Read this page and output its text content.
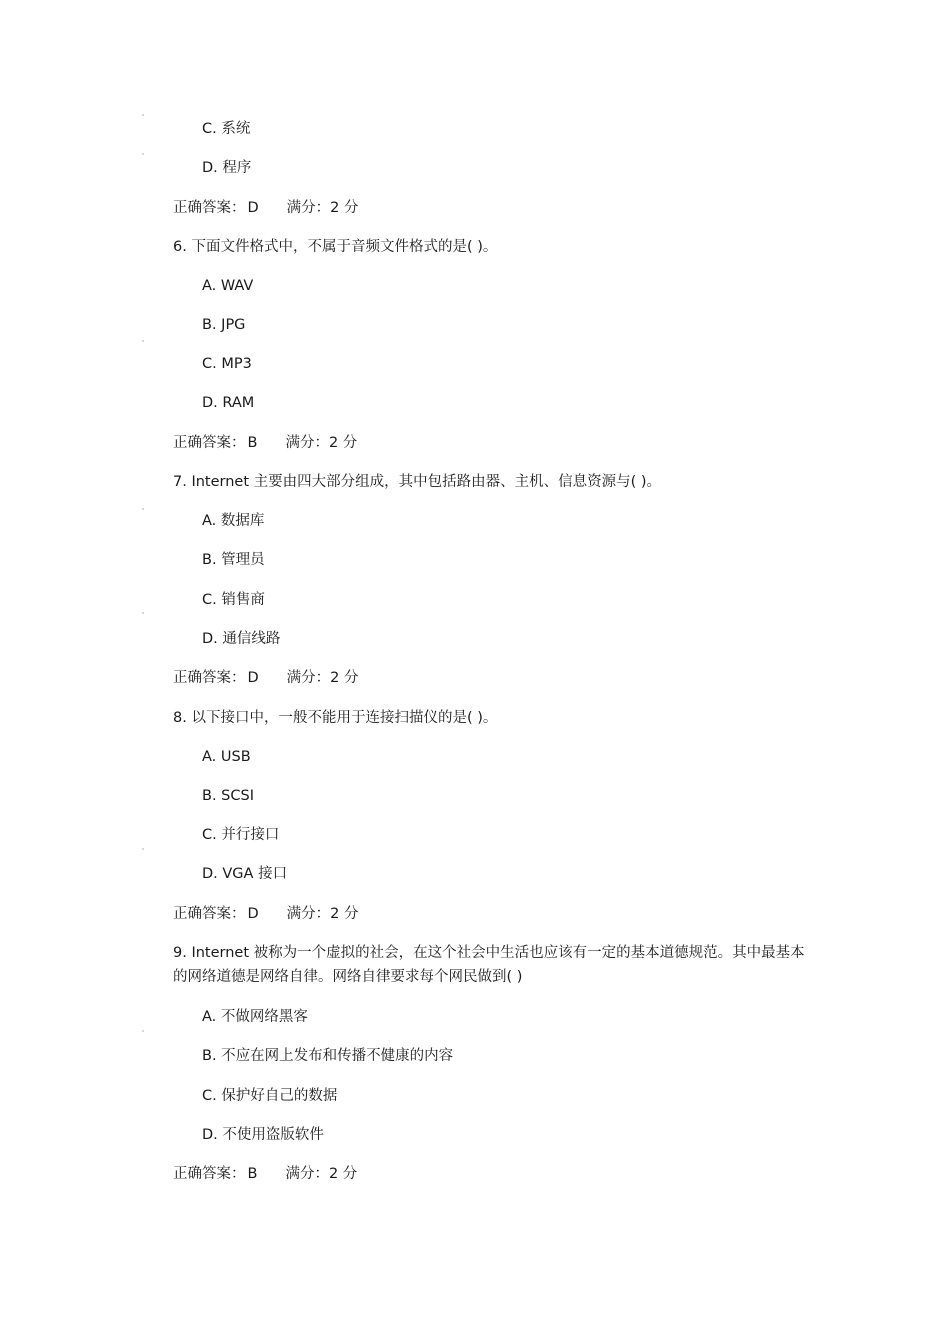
C. 系统
D. 程序
正确答案： D 满分：2 分
6. 下面文件格式中，不属于音频文件格式的是( )。
A. WAV
B. JPG
C. MP3
D. RAM
正确答案： B 满分：2 分
7. Internet 主要由四大部分组成，其中包括路由器、主机、信息资源与( )。
A. 数据库
B. 管理员
C. 销售商
D. 通信线路
正确答案： D 满分：2 分
8. 以下接口中，一般不能用于连接扫描仪的是( )。
A. USB
B. SCSI
C. 并行接口
D. VGA 接口
正确答案： D 满分：2 分
9. Internet 被称为一个虚拟的社会，在这个社会中生活也应该有一定的基本道德规范。其中最基本的网络道德是网络自律。网络自律要求每个网民做到( )
A. 不做网络黑客
B. 不应在网上发布和传播不健康的内容
C. 保护好自己的数据
D. 不使用盗版软件
正确答案： B 满分：2 分
